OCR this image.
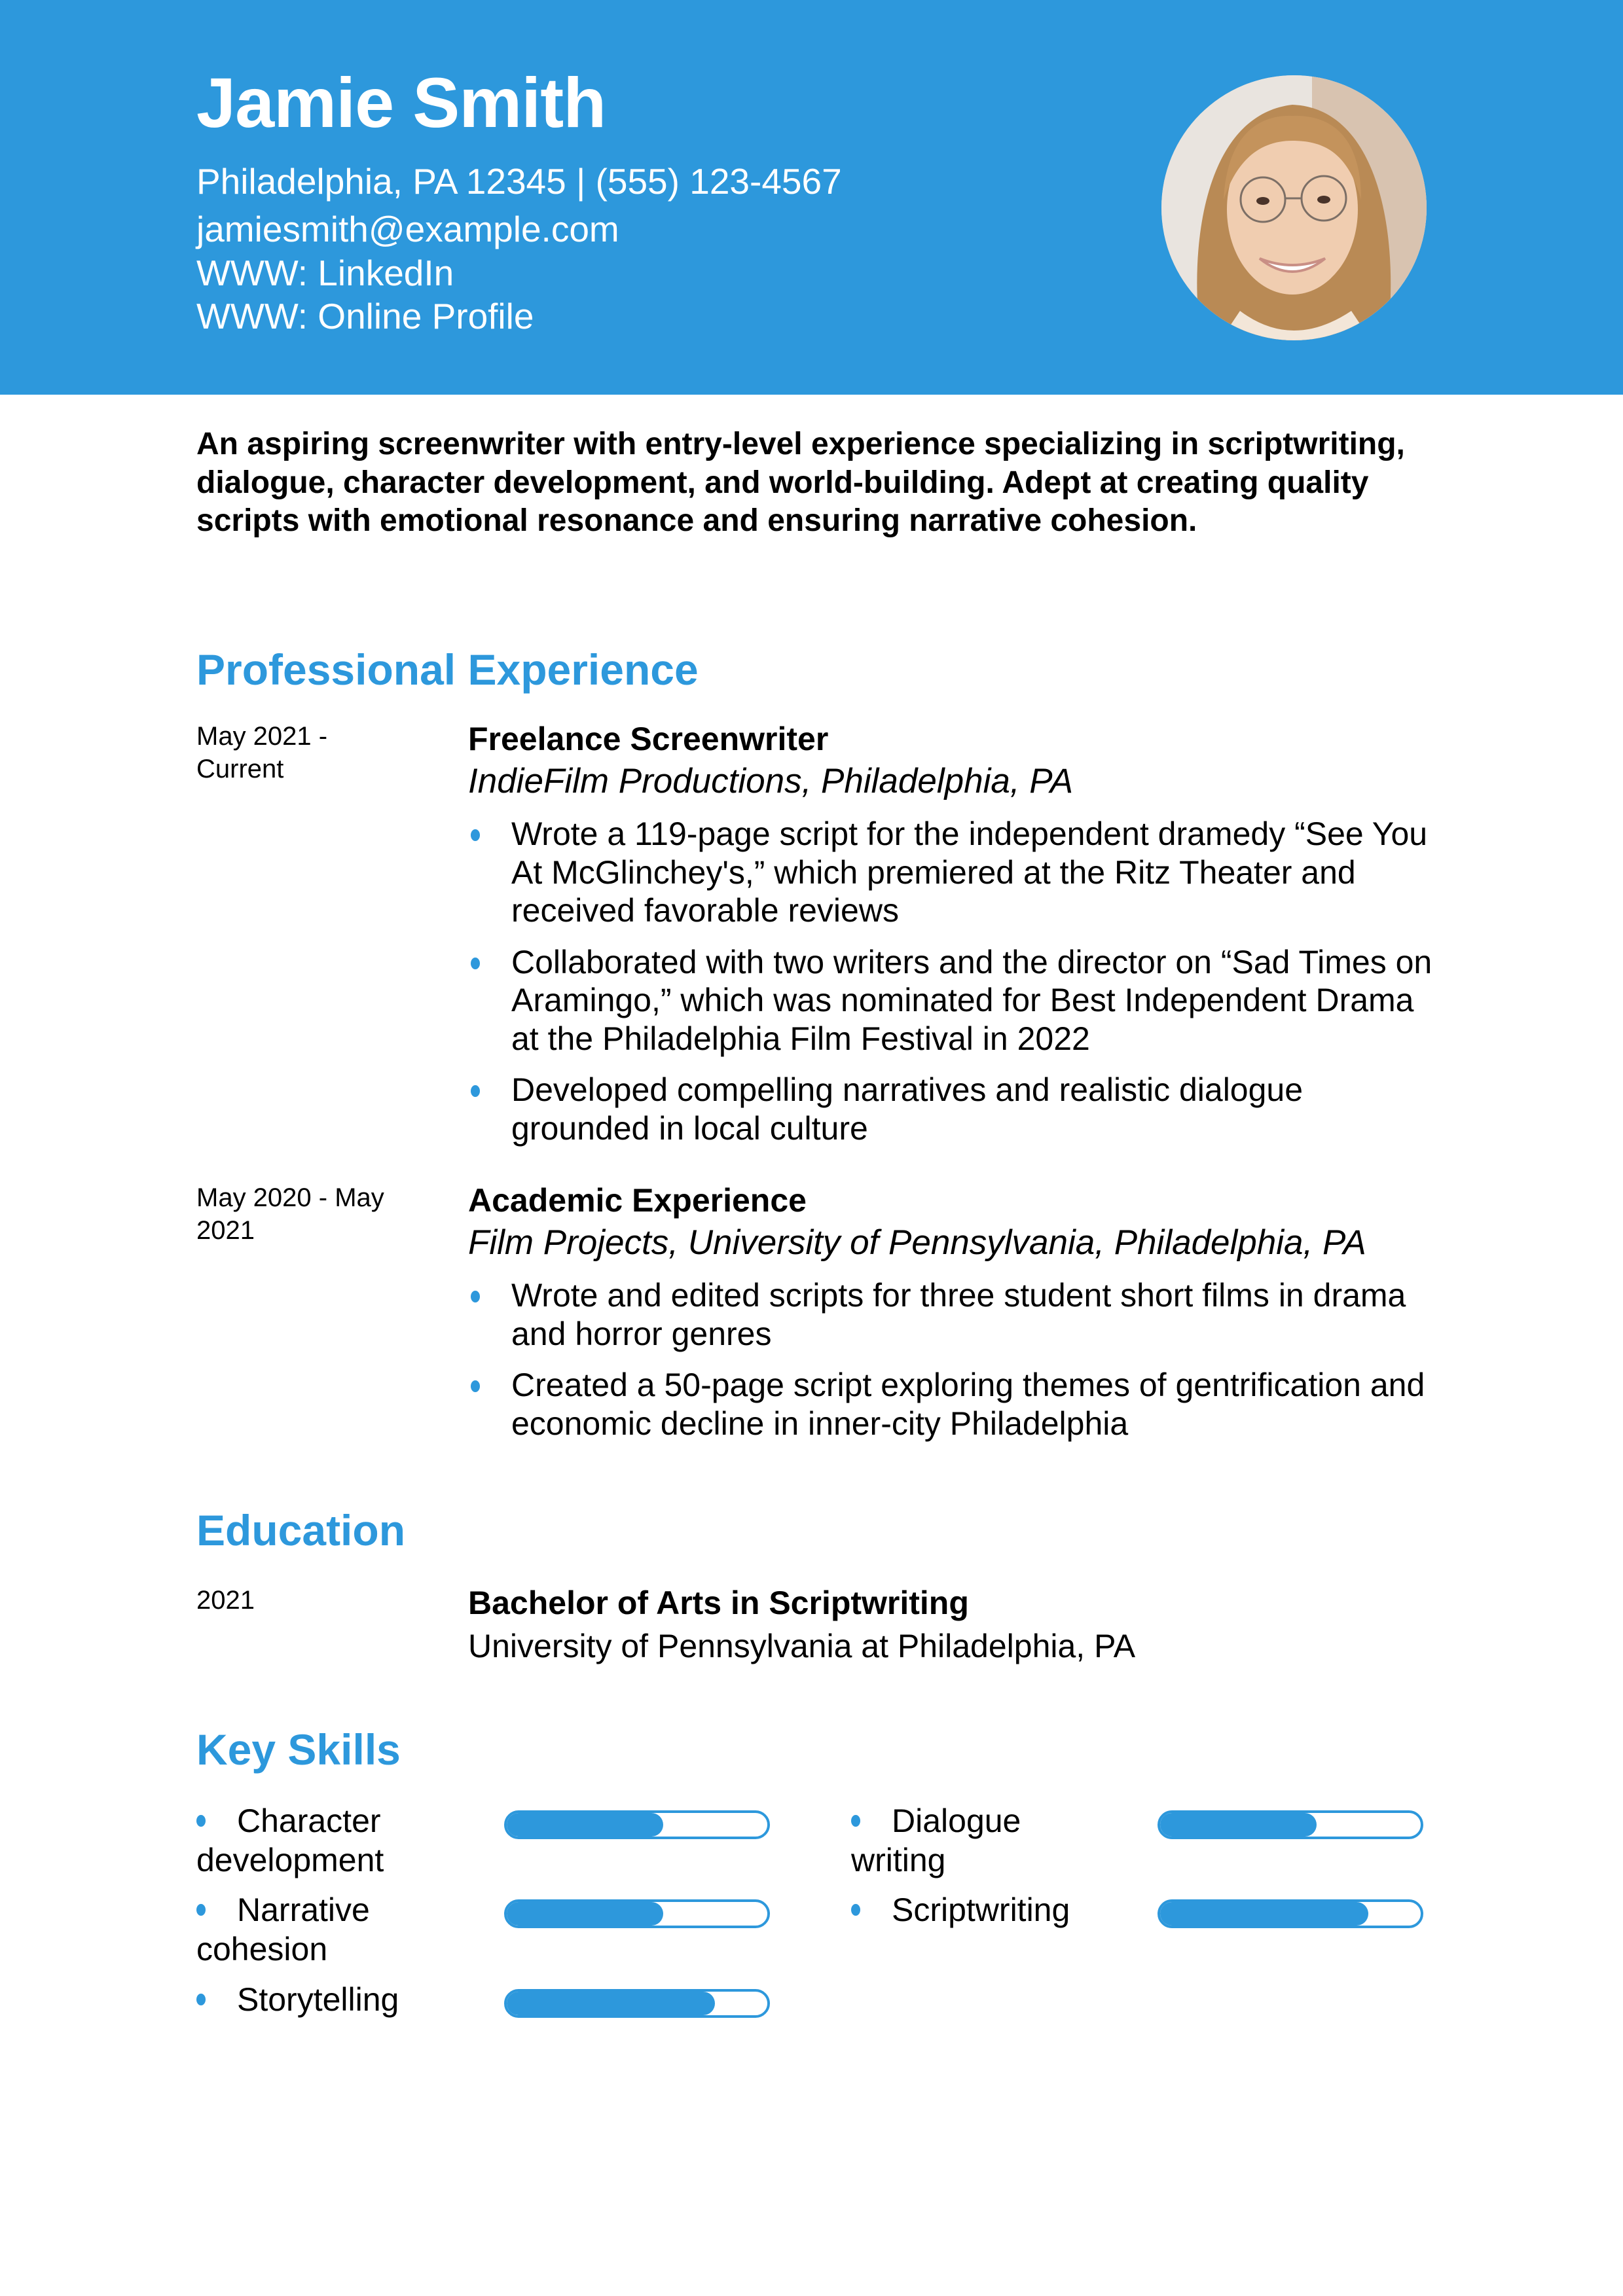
Jamie Smith
Philadelphia, PA 12345 | (555) 123-4567
jamiesmith@example.com
WWW: LinkedIn
WWW: Online Profile
An aspiring screenwriter with entry-level experience specializing in scriptwriting, dialogue, character development, and world-building. Adept at creating quality scripts with emotional resonance and ensuring narrative cohesion.
Professional Experience
May 2021 - Current
Freelance Screenwriter
IndieFilm Productions, Philadelphia, PA
Wrote a 119-page script for the independent dramedy “See You At McGlinchey's,” which premiered at the Ritz Theater and received favorable reviews
Collaborated with two writers and the director on “Sad Times on Aramingo,” which was nominated for Best Independent Drama at the Philadelphia Film Festival in 2022
Developed compelling narratives and realistic dialogue grounded in local culture
May 2020 - May 2021
Academic Experience
Film Projects, University of Pennsylvania, Philadelphia, PA
Wrote and edited scripts for three student short films in drama and horror genres
Created a 50-page script exploring themes of gentrification and economic decline in inner-city Philadelphia
Education
2021	Bachelor of Arts in Scriptwriting
University of Pennsylvania at Philadelphia, PA
Key Skills
Character development
Dialogue writing
Narrative cohesion
Scriptwriting
Storytelling
